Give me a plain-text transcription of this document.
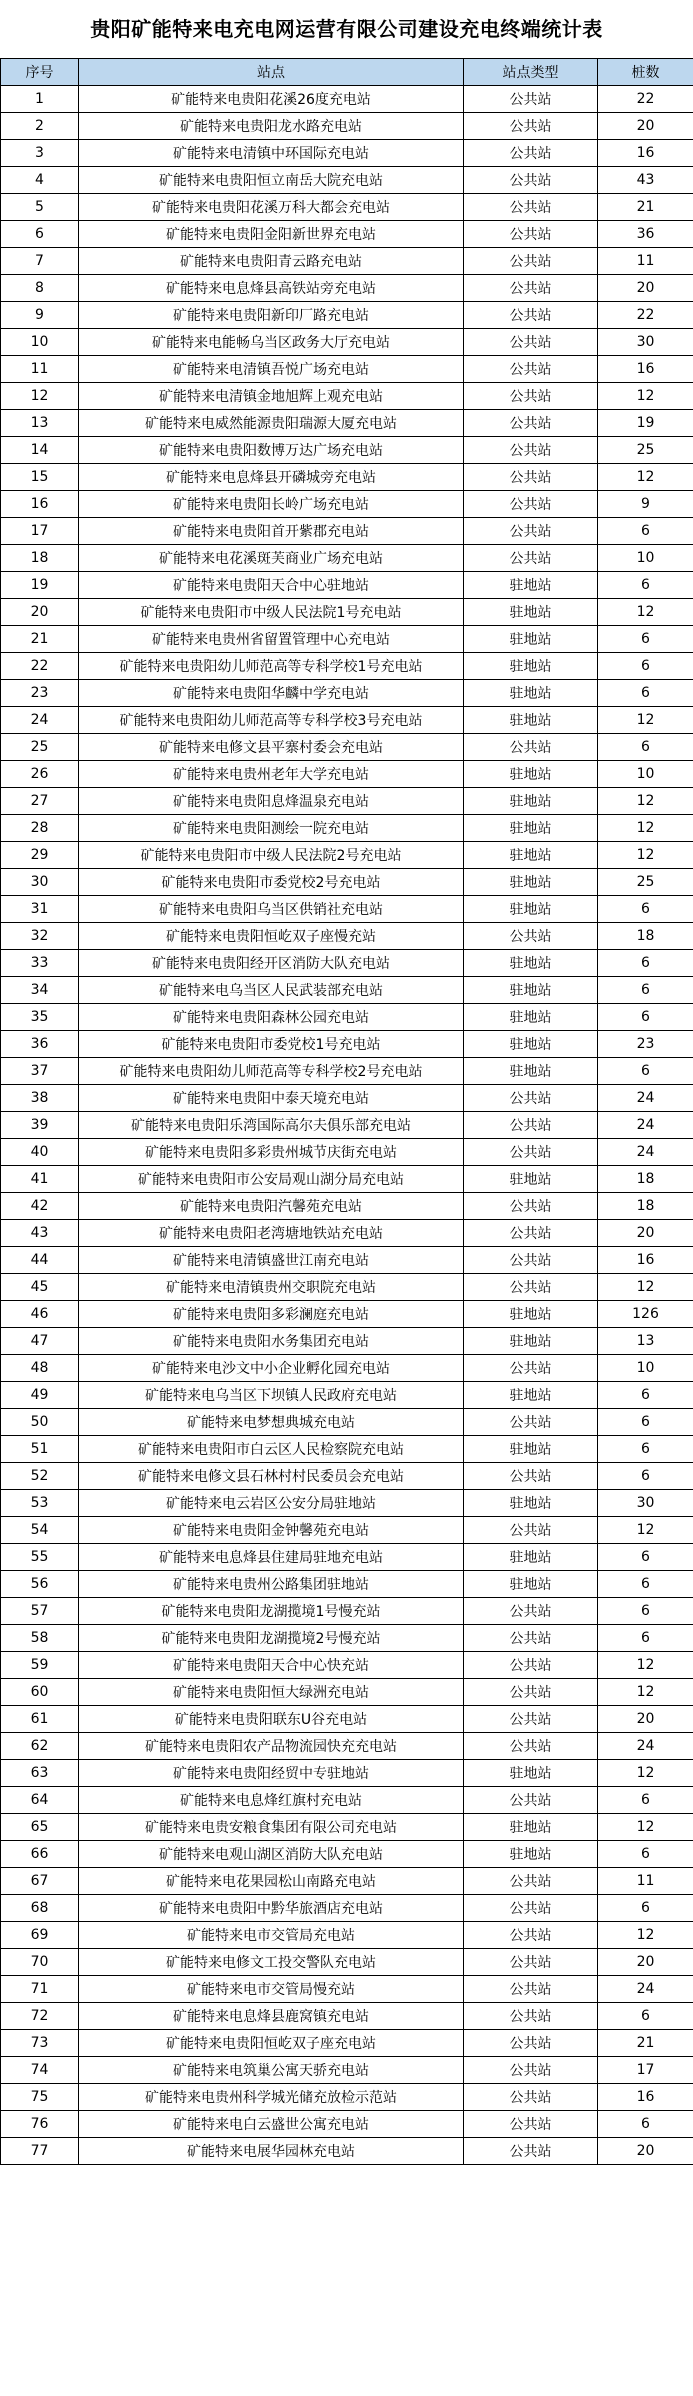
贵阳矿能特来电充电网运营有限公司建设充电终端统计表
序号	站点	站点类型	桩数
1	矿能特来电贵阳花溪26度充电站	公共站	22
2	矿能特来电贵阳龙水路充电站	公共站	20
3	矿能特来电清镇中环国际充电站	公共站	16
4	矿能特来电贵阳恒立南岳大院充电站	公共站	43
5	矿能特来电贵阳花溪万科大都会充电站	公共站	21
6	矿能特来电贵阳金阳新世界充电站	公共站	36
7	矿能特来电贵阳青云路充电站	公共站	11
8	矿能特来电息烽县高铁站旁充电站	公共站	20
9	矿能特来电贵阳新印厂路充电站	公共站	22
10	矿能特来电能畅乌当区政务大厅充电站	公共站	30
11	矿能特来电清镇吾悦广场充电站	公共站	16
12	矿能特来电清镇金地旭辉上观充电站	公共站	12
13	矿能特来电威然能源贵阳瑞源大厦充电站	公共站	19
14	矿能特来电贵阳数博万达广场充电站	公共站	25
15	矿能特来电息烽县开磷城旁充电站	公共站	12
16	矿能特来电贵阳长岭广场充电站	公共站	9
17	矿能特来电贵阳首开紫郡充电站	公共站	6
18	矿能特来电花溪斑芙商业广场充电站	公共站	10
19	矿能特来电贵阳天合中心驻地站	驻地站	6
20	矿能特来电贵阳市中级人民法院1号充电站	驻地站	12
21	矿能特来电贵州省留置管理中心充电站	驻地站	6
22	矿能特来电贵阳幼儿师范高等专科学校1号充电站	驻地站	6
23	矿能特来电贵阳华麟中学充电站	驻地站	6
24	矿能特来电贵阳幼儿师范高等专科学校3号充电站	驻地站	12
25	矿能特来电修文县平寨村委会充电站	公共站	6
26	矿能特来电贵州老年大学充电站	驻地站	10
27	矿能特来电贵阳息烽温泉充电站	驻地站	12
28	矿能特来电贵阳测绘一院充电站	驻地站	12
29	矿能特来电贵阳市中级人民法院2号充电站	驻地站	12
30	矿能特来电贵阳市委党校2号充电站	驻地站	25
31	矿能特来电贵阳乌当区供销社充电站	驻地站	6
32	矿能特来电贵阳恒屹双子座慢充站	公共站	18
33	矿能特来电贵阳经开区消防大队充电站	驻地站	6
34	矿能特来电乌当区人民武装部充电站	驻地站	6
35	矿能特来电贵阳森林公园充电站	驻地站	6
36	矿能特来电贵阳市委党校1号充电站	驻地站	23
37	矿能特来电贵阳幼儿师范高等专科学校2号充电站	驻地站	6
38	矿能特来电贵阳中泰天境充电站	公共站	24
39	矿能特来电贵阳乐湾国际高尔夫俱乐部充电站	公共站	24
40	矿能特来电贵阳多彩贵州城节庆街充电站	公共站	24
41	矿能特来电贵阳市公安局观山湖分局充电站	驻地站	18
42	矿能特来电贵阳汽馨苑充电站	公共站	18
43	矿能特来电贵阳老湾塘地铁站充电站	公共站	20
44	矿能特来电清镇盛世江南充电站	公共站	16
45	矿能特来电清镇贵州交职院充电站	公共站	12
46	矿能特来电贵阳多彩澜庭充电站	驻地站	126
47	矿能特来电贵阳水务集团充电站	驻地站	13
48	矿能特来电沙文中小企业孵化园充电站	公共站	10
49	矿能特来电乌当区下坝镇人民政府充电站	驻地站	6
50	矿能特来电梦想典城充电站	公共站	6
51	矿能特来电贵阳市白云区人民检察院充电站	驻地站	6
52	矿能特来电修文县石林村村民委员会充电站	公共站	6
53	矿能特来电云岩区公安分局驻地站	驻地站	30
54	矿能特来电贵阳金钟馨苑充电站	公共站	12
55	矿能特来电息烽县住建局驻地充电站	驻地站	6
56	矿能特来电贵州公路集团驻地站	驻地站	6
57	矿能特来电贵阳龙湖揽境1号慢充站	公共站	6
58	矿能特来电贵阳龙湖揽境2号慢充站	公共站	6
59	矿能特来电贵阳天合中心快充站	公共站	12
60	矿能特来电贵阳恒大绿洲充电站	公共站	12
61	矿能特来电贵阳联东U谷充电站	公共站	20
62	矿能特来电贵阳农产品物流园快充充电站	公共站	24
63	矿能特来电贵阳经贸中专驻地站	驻地站	12
64	矿能特来电息烽红旗村充电站	公共站	6
65	矿能特来电贵安粮食集团有限公司充电站	驻地站	12
66	矿能特来电观山湖区消防大队充电站	驻地站	6
67	矿能特来电花果园松山南路充电站	公共站	11
68	矿能特来电贵阳中黔华旅酒店充电站	公共站	6
69	矿能特来电市交管局充电站	公共站	12
70	矿能特来电修文工投交警队充电站	公共站	20
71	矿能特来电市交管局慢充站	公共站	24
72	矿能特来电息烽县鹿窝镇充电站	公共站	6
73	矿能特来电贵阳恒屹双子座充电站	公共站	21
74	矿能特来电筑巢公寓天骄充电站	公共站	17
75	矿能特来电贵州科学城光储充放检示范站	公共站	16
76	矿能特来电白云盛世公寓充电站	公共站	6
77	矿能特来电展华园林充电站	公共站	20
